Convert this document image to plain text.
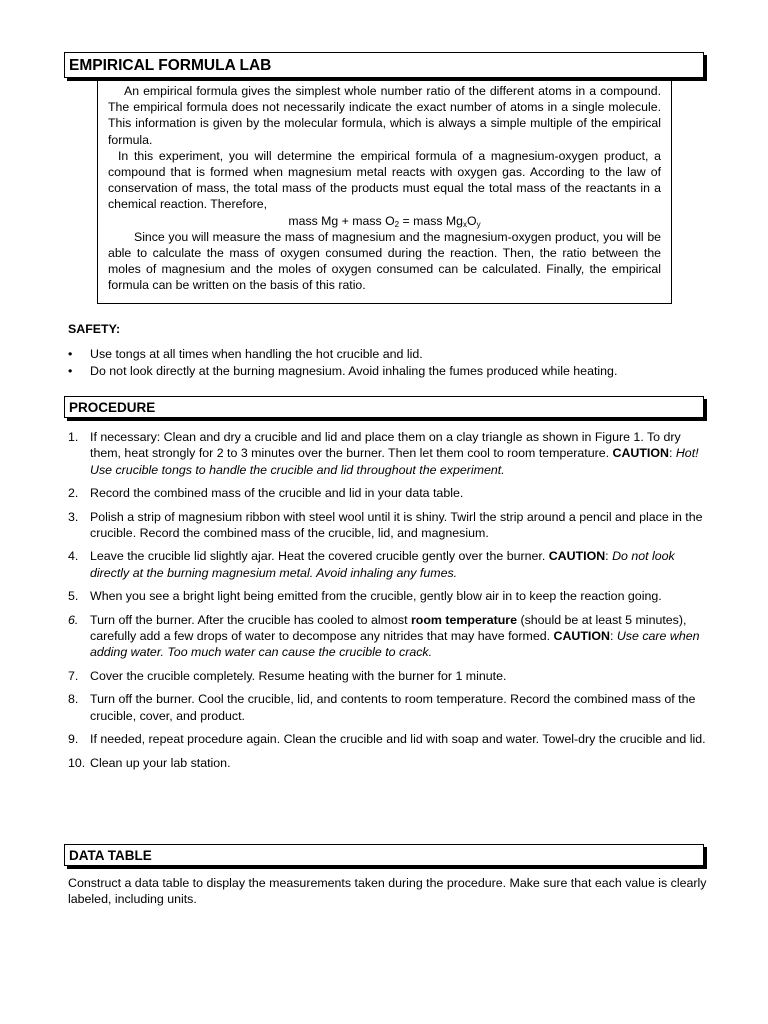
EMPIRICAL FORMULA LAB

An empirical formula gives the simplest whole number ratio of the different atoms in a compound. The empirical formula does not necessarily indicate the exact number of atoms in a single molecule. This information is given by the molecular formula, which is always a simple multiple of the empirical formula.

In this experiment, you will determine the empirical formula of a magnesium-oxygen product, a compound that is formed when magnesium metal reacts with oxygen gas. According to the law of conservation of mass, the total mass of the products must equal the total mass of the reactants in a chemical reaction. Therefore,

mass Mg + mass $O_2$ = mass $Mg_xO_y$

Since you will measure the mass of magnesium and the magnesium-oxygen product, you will be able to calculate the mass of oxygen consumed during the reaction. Then, the ratio between the moles of magnesium and the moles of oxygen consumed can be calculated. Finally, the empirical formula can be written on the basis of this ratio.

SAFETY:
• Use tongs at all times when handling the hot crucible and lid.
• Do not look directly at the burning magnesium. Avoid inhaling the fumes produced while heating.
PROCEDURE
1. If necessary: Clean and dry a crucible and lid and place them on a clay triangle as shown in Figure 1. To dry them, heat strongly for 2 to 3 minutes over the burner. Then let them cool to room temperature. CAUTION: Hot! Use crucible tongs to handle the crucible and lid throughout the experiment.
2. Record the combined mass of the crucible and lid in your data table.
3. Polish a strip of magnesium ribbon with steel wool until it is shiny. Twirl the strip around a pencil and place in the crucible. Record the combined mass of the crucible, lid, and magnesium.
4. Leave the crucible lid slightly ajar. Heat the covered crucible gently over the burner. CAUTION: Do not look directly at the burning magnesium metal. Avoid inhaling any fumes.
5. When you see a bright light being emitted from the crucible, gently blow air in to keep the reaction going.
6. Turn off the burner. After the crucible has cooled to almost room temperature (should be at least 5 minutes), carefully add a few drops of water to decompose any nitrides that may have formed. CAUTION: Use care when adding water. Too much water can cause the crucible to crack.
7. Cover the crucible completely. Resume heating with the burner for 1 minute.
8. Turn off the burner. Cool the crucible, lid, and contents to room temperature. Record the combined mass of the crucible, cover, and product.
9. If needed, repeat procedure again. Clean the crucible and lid with soap and water. Towel-dry the crucible and lid.
10. Clean up your lab station.
DATA TABLE
Construct a data table to display the measurements taken during the procedure. Make sure that each value is clearly labeled, including units.
